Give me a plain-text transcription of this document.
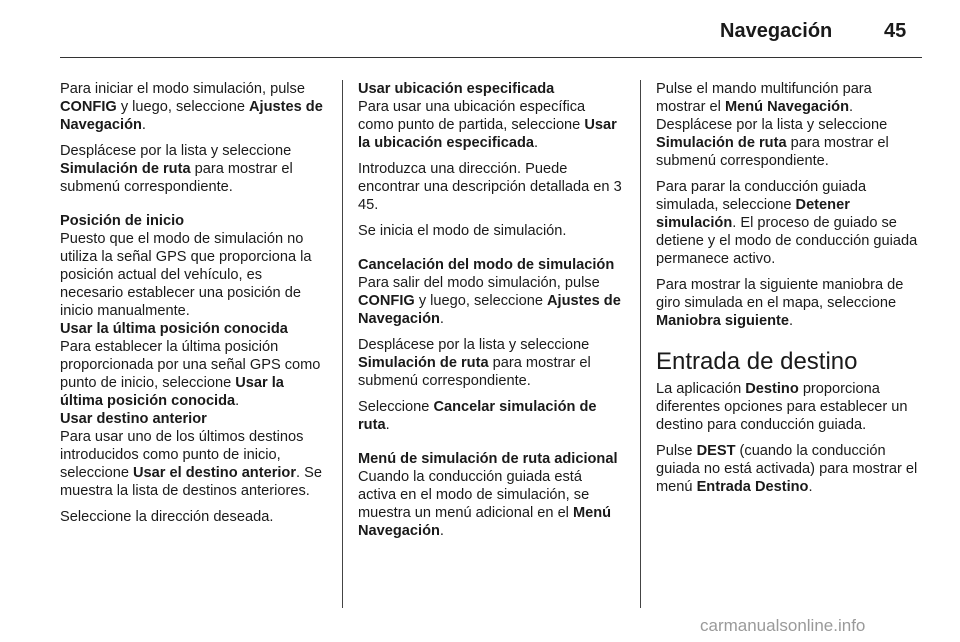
Navegación	45

Para iniciar el modo simulación, pulse CONFIG y luego, seleccione Ajustes de Navegación.

Desplácese por la lista y seleccione Simulación de ruta para mostrar el submenú correspondiente.

Posición de inicio

Puesto que el modo de simulación no utiliza la señal GPS que proporciona la posición actual del vehículo, es necesario establecer una posición de inicio manualmente.

Usar la última posición conocida

Para establecer la última posición proporcionada por una señal GPS como punto de inicio, seleccione Usar la última posición conocida.

Usar destino anterior

Para usar uno de los últimos destinos introducidos como punto de inicio, seleccione Usar el destino anterior. Se muestra la lista de destinos anteriores.

Seleccione la dirección deseada.

Usar ubicación especificada

Para usar una ubicación específica como punto de partida, seleccione Usar la ubicación especificada.

Introduzca una dirección. Puede encontrar una descripción detallada en 3 45.

Se inicia el modo de simulación.

Cancelación del modo de simulación

Para salir del modo simulación, pulse CONFIG y luego, seleccione Ajustes de Navegación.

Desplácese por la lista y seleccione Simulación de ruta para mostrar el submenú correspondiente.

Seleccione Cancelar simulación de ruta.

Menú de simulación de ruta adicional

Cuando la conducción guiada está activa en el modo de simulación, se muestra un menú adicional en el Menú Navegación.

Pulse el mando multifunción para mostrar el Menú Navegación. Desplácese por la lista y seleccione Simulación de ruta para mostrar el submenú correspondiente.

Para parar la conducción guiada simulada, seleccione Detener simulación. El proceso de guiado se detiene y el modo de conducción guiada permanece activo.

Para mostrar la siguiente maniobra de giro simulada en el mapa, seleccione Maniobra siguiente.

Entrada de destino

La aplicación Destino proporciona diferentes opciones para establecer un destino para conducción guiada.

Pulse DEST (cuando la conducción guiada no está activada) para mostrar el menú Entrada Destino.

carmanualsonline.info
